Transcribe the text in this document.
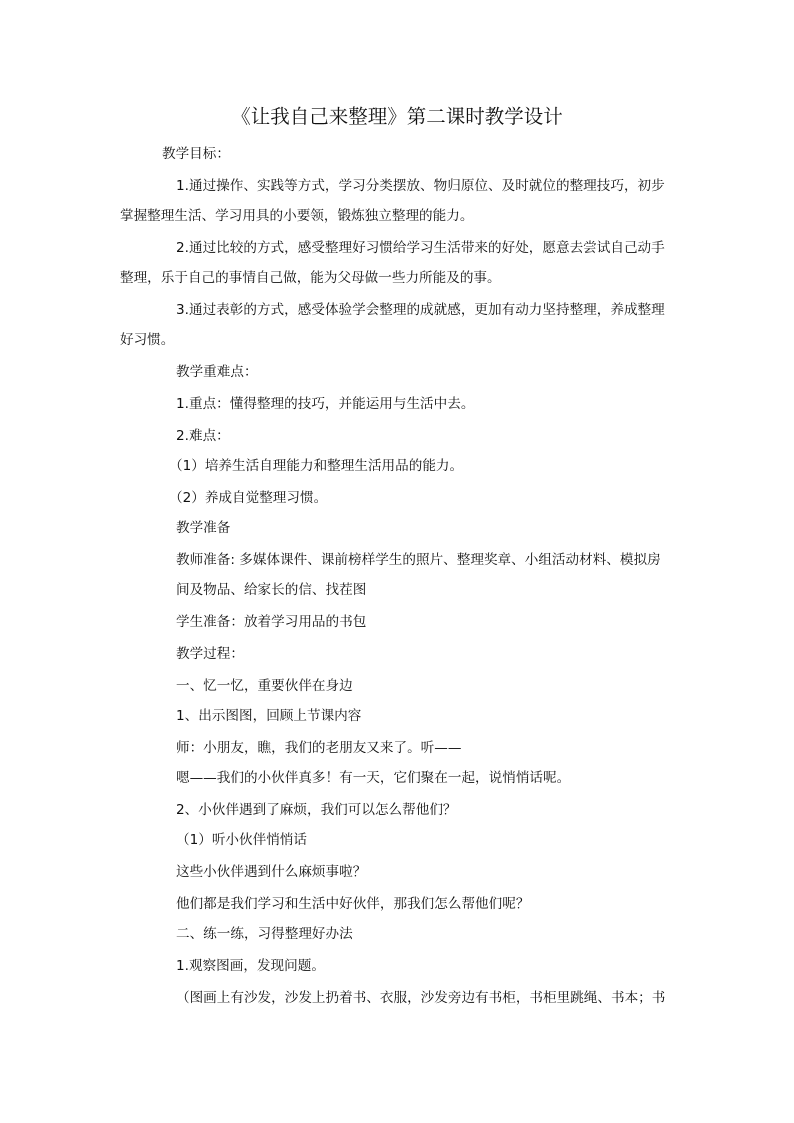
《让我自己来整理》第二课时教学设计
教学目标：
1.通过操作、实践等方式，学习分类摆放、物归原位、及时就位的整理技巧，初步
掌握整理生活、学习用具的小要领，锻炼独立整理的能力。
2.通过比较的方式，感受整理好习惯给学习生活带来的好处，愿意去尝试自己动手
整理，乐于自己的事情自己做，能为父母做一些力所能及的事。
3.通过表彰的方式，感受体验学会整理的成就感，更加有动力坚持整理，养成整理
好习惯。
教学重难点：
1.重点：懂得整理的技巧，并能运用与生活中去。
2.难点：
（1）培养生活自理能力和整理生活用品的能力。
（2）养成自觉整理习惯。
教学准备
教师准备: 多媒体课件、课前榜样学生的照片、整理奖章、小组活动材料、模拟房
间及物品、给家长的信、找茬图
学生准备：放着学习用品的书包
教学过程：
一、忆一忆，重要伙伴在身边
1、出示图图，回顾上节课内容
师：小朋友，瞧，我们的老朋友又来了。听——
嗯——我们的小伙伴真多！有一天，它们聚在一起，说悄悄话呢。
2、小伙伴遇到了麻烦，我们可以怎么帮他们？
（1）听小伙伴悄悄话
这些小伙伴遇到什么麻烦事啦？
他们都是我们学习和生活中好伙伴，那我们怎么帮他们呢？
二、练一练，习得整理好办法
1.观察图画，发现问题。
（图画上有沙发，沙发上扔着书、衣服，沙发旁边有书柜，书柜里跳绳、书本；书
